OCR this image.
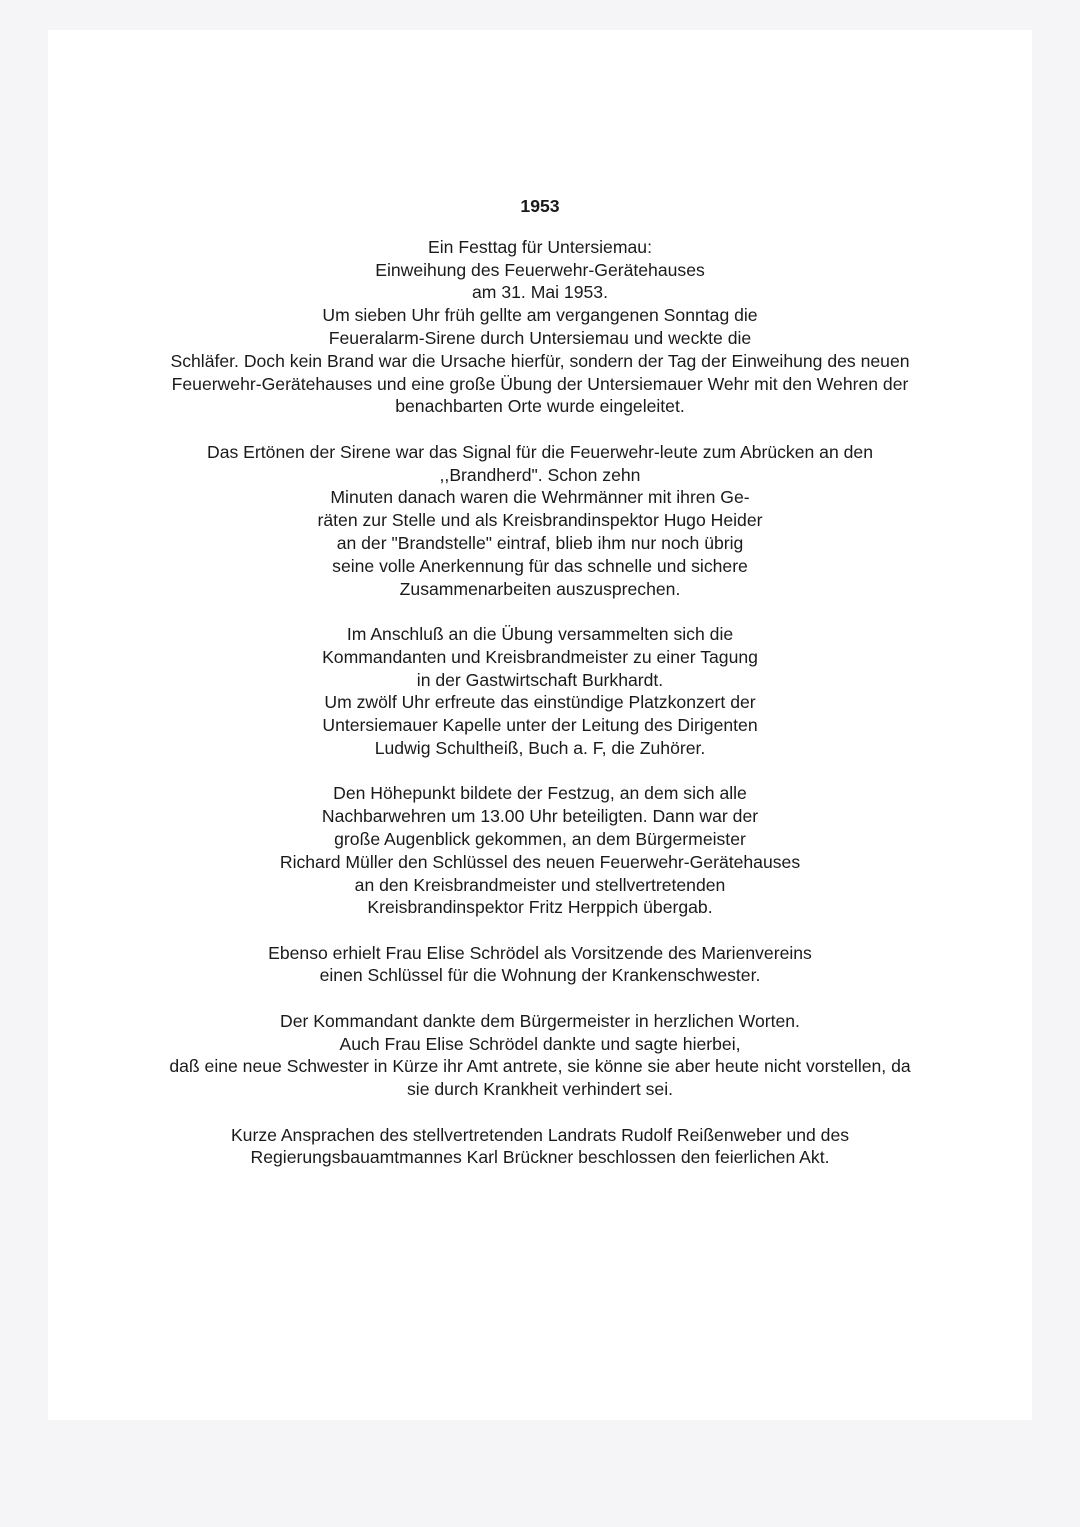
1953
Ein Festtag für Untersiemau:
Einweihung des Feuerwehr-Gerätehauses
am 31. Mai 1953.
Um sieben Uhr früh gellte am vergangenen Sonntag die
Feueralarm-Sirene durch Untersiemau und weckte die
Schläfer. Doch kein Brand war die Ursache hierfür, sondern der Tag der Einweihung des neuen
Feuerwehr-Gerätehauses und eine große Übung der Untersiemauer Wehr mit den Wehren der
benachbarten Orte wurde eingeleitet.
Das Ertönen der Sirene war das Signal für die Feuerwehr-leute zum Abrücken an den
,,Brandherd". Schon zehn
Minuten danach waren die Wehrmänner mit ihren Ge-
räten zur Stelle und als Kreisbrandinspektor Hugo Heider
an der "Brandstelle" eintraf, blieb ihm nur noch übrig
seine volle Anerkennung für das schnelle und sichere
Zusammenarbeiten auszusprechen.
Im Anschluß an die Übung versammelten sich die
Kommandanten und Kreisbrandmeister zu einer Tagung
in der Gastwirtschaft Burkhardt.
Um zwölf Uhr erfreute das einstündige Platzkonzert der
Untersiemauer Kapelle unter der Leitung des Dirigenten
Ludwig Schultheiß, Buch a. F, die Zuhörer.
Den Höhepunkt bildete der Festzug, an dem sich alle
Nachbarwehren um 13.00 Uhr beteiligten. Dann war der
große Augenblick gekommen, an dem Bürgermeister
Richard Müller den Schlüssel des neuen Feuerwehr-Gerätehauses
an den Kreisbrandmeister und stellvertretenden
Kreisbrandinspektor Fritz Herppich übergab.
Ebenso erhielt Frau Elise Schrödel als Vorsitzende des Marienvereins
einen Schlüssel für die Wohnung der Krankenschwester.
Der Kommandant dankte dem Bürgermeister in herzlichen Worten.
Auch Frau Elise Schrödel dankte und sagte hierbei,
daß eine neue Schwester in Kürze ihr Amt antrete, sie könne sie aber heute nicht vorstellen, da
sie durch Krankheit verhindert sei.
Kurze Ansprachen des stellvertretenden Landrats Rudolf Reißenweber und des
Regierungsbauamtmannes Karl Brückner beschlossen den feierlichen Akt.
